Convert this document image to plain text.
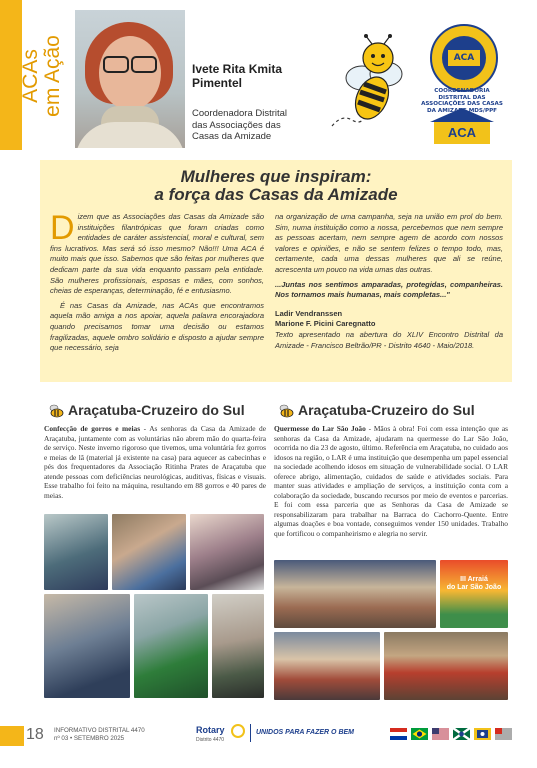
ACAs em Ação	Ivete Rita Kmita Pimentel
Coordenadora Distrital das Associações das Casas da Amizade
ACA
COORDENADORIA DISTRITAL DAS ASSOCIAÇÕES DAS CASAS DA AMIZADE MDS/PPF
ACA
Mulheres que inspiram:
a força das Casas da Amizade

Dizem que as Associações das Casas da Amizade são instituições filantrópicas que foram criadas como entidades de caráter assistencial, moral e cultural, sem fins lucrativos. Mas será só isso mesmo? Não!!! Uma ACA é muito mais que isso. Sabemos que são feitas por mulheres que dedicam parte da sua vida enquanto passam pela entidade. São mulheres profissionais, esposas e mães, com sonhos, cheias de esperanças, determinação, fé e entusiasmo.

É nas Casas da Amizade, nas ACAs que encontramos aquela mão amiga a nos apoiar, aquela palavra encorajadora quando precisamos tomar uma decisão ou estamos fragilizadas, aquele ombro solidário e disposto a ajudar sempre que necessário, seja

na organização de uma campanha, seja na união em prol do bem. Sim, numa instituição como a nossa, percebemos que nem sempre as pessoas acertam, nem sempre agem de acordo com nossos valores e opiniões, e não se sentem felizes o tempo todo, mas, certamente, cada uma dessas mulheres que ali se reúne, acrescenta um pouco na vida umas das outras.

...Juntas nos sentimos amparadas, protegidas, companheiras. Nos tornamos mais humanas, mais completas..."

Ladir Vendranssen
Marione F. Picini Caregnatto
Texto apresentado na abertura do XLIV Encontro Distrital da Amizade - Francisco Beltrão/PR - Distrito 4640 - Maio/2018.
Araçatuba-Cruzeiro do Sul
Confecção de gorros e meias - As senhoras da Casa da Amizade de Araçatuba, juntamente com as voluntárias não abrem mão do quarta-feira de serviço. Neste inverno rigoroso que tivemos, uma voluntária fez gorros e meias de lã (material já existente na casa) para aquecer as cabecinhas e pés dos frequentadores da Associação Ritinha Prates de Araçatuba que atende pessoas com deficiências neurológicas, auditivas, físicas e visuais. Esse trabalho foi feito na máquina, resultando em 88 gorros e 40 pares de meias.
Araçatuba-Cruzeiro do Sul
Quermesse do Lar São João - Mãos à obra! Foi com essa intenção que as senhoras da Casa da Amizade, ajudaram na quermesse do Lar São João, ocorrida no dia 23 de agosto, último. Referência em Araçatuba, no cuidado aos idosos na região, o LAR é uma instituição que desempenha um papel essencial na sociedade acolhendo idosos em situação de vulnerabilidade social. O LAR oferece abrigo, alimentação, cuidados de saúde e atividades sociais. Para manter suas atividades e ampliação de serviços, a instituição conta com a colaboração da sociedade, buscando recursos por meio de eventos e parcerias. E foi com essa parceria que as Senhoras da Casa de Amizade se responsabilizaram para trabalhar na Barraca do Cachorro-Quente. Entre algumas doações e boa vontade, conseguimos vender 150 unidades. Trabalho que fortificou o companheirismo e alegria no servir.
III Arraiá
do Lar São João
18 INFORMATIVO DISTRITAL 4470
nº 03 • SETEMBRO 2025
Rotary
Distrito 4470
UNIDOS PARA FAZER O BEM
